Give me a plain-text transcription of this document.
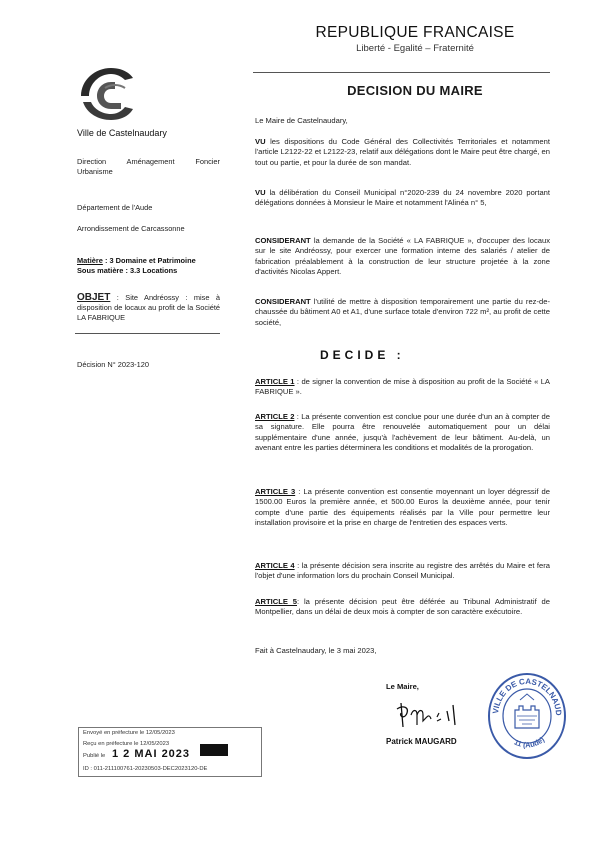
REPUBLIQUE FRANCAISE
Liberté - Egalité – Fraternité
DECISION DU MAIRE
Ville de Castelnaudary
Direction Aménagement Foncier Urbanisme
Département de l'Aude
Arrondissement de Carcassonne
Matière : 3 Domaine et Patrimoine
Sous matière : 3.3 Locations
OBJET : Site Andréossy : mise à disposition de locaux au profit de la Société LA FABRIQUE
Décision N° 2023-120
Le Maire de Castelnaudary,
VU les dispositions du Code Général des Collectivités Territoriales et notamment l'article L2122-22 et L2122-23, relatif aux délégations dont le Maire peut être chargé, en tout ou partie, et pour la durée de son mandat.
VU la délibération du Conseil Municipal n°2020-239 du 24 novembre 2020 portant délégations données à Monsieur le Maire et notamment l'Alinéa n° 5,
CONSIDERANT la demande de la Société « LA FABRIQUE », d'occuper des locaux sur le site Andréossy, pour exercer une formation interne des salariés / atelier de fabrication préalablement à la construction de leur structure projetée à la zone d'activités Nicolas Appert.
CONSIDERANT l'utilité de mettre à disposition temporairement une partie du rez-de-chaussée du bâtiment A0 et A1, d'une surface totale d'environ 722 m², au profit de cette société,
DECIDE :
ARTICLE 1 : de signer la convention de mise à disposition au profit de la Société « LA FABRIQUE ».
ARTICLE 2 : La présente convention est conclue pour une durée d'un an à compter de sa signature. Elle pourra être renouvelée automatiquement pour un délai supplémentaire d'une année, jusqu'à l'achèvement de leur bâtiment. Au-delà, un avenant entre les parties déterminera les conditions et modalités de la prorogation.
ARTICLE 3 : La présente convention est consentie moyennant un loyer dégressif de 1500.00 Euros la première année, et 500.00 Euros la deuxième année, pour tenir compte d'une partie des équipements réalisés par la Ville pour permettre leur installation provisoire et la prise en charge de l'entretien des espaces verts.
ARTICLE 4 : la présente décision sera inscrite au registre des arrêtés du Maire et fera l'objet d'une information lors du prochain Conseil Municipal.
ARTICLE 5: la présente décision peut être déférée au Tribunal Administratif de Montpellier, dans un délai de deux mois à compter de son caractère exécutoire.
Fait à Castelnaudary, le 3 mai 2023,
Le Maire,
Patrick MAUGARD
VILLE DE CASTELNAUD
11 (Aude)
Envoyé en préfecture le 12/05/2023
Reçu en préfecture le 12/05/2023
Publié le 1 2 MAI 2023
ID : 011-211100761-20230503-DEC2023120-DE
